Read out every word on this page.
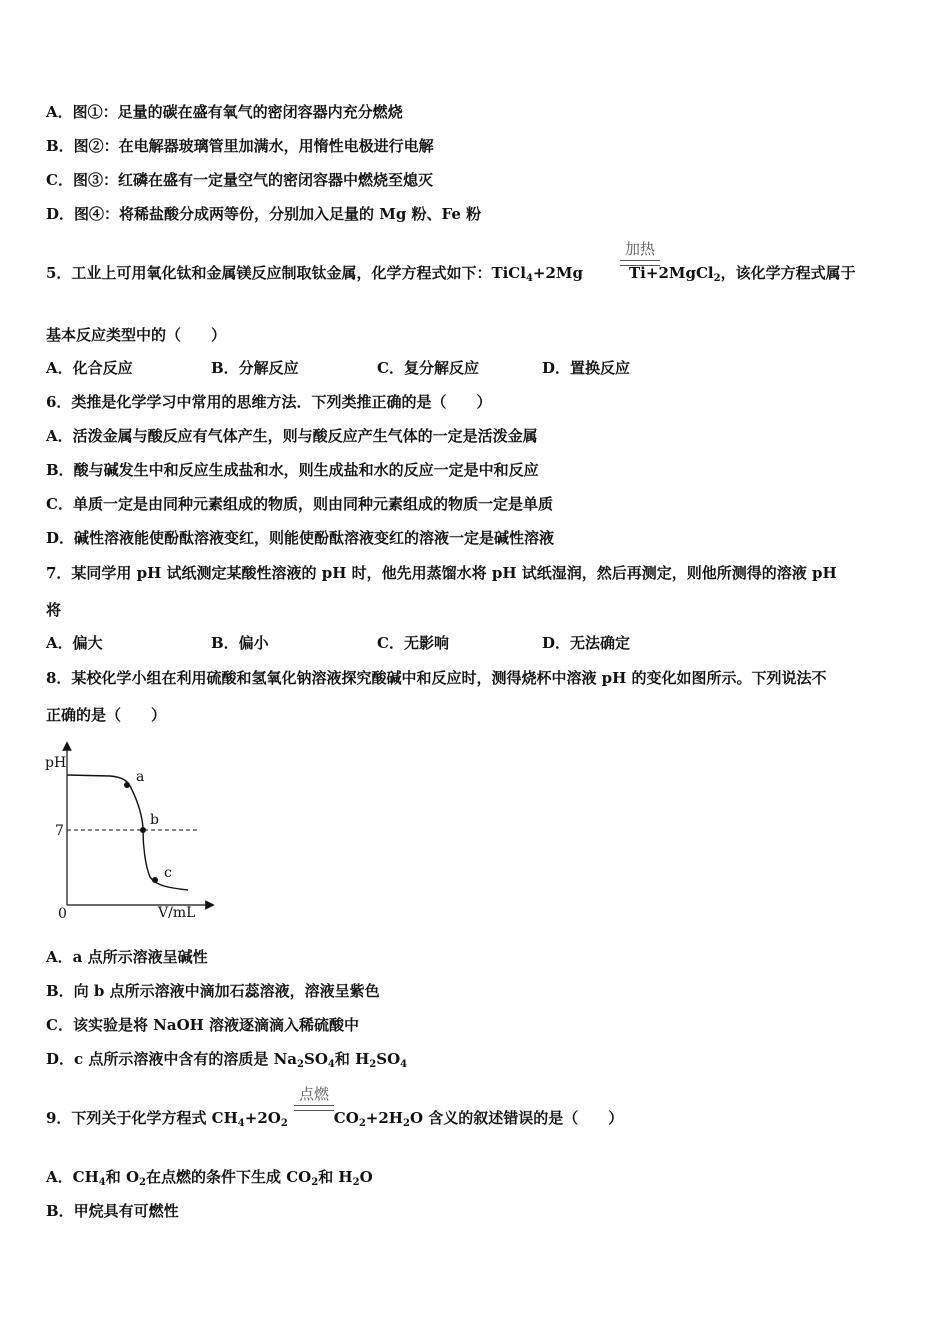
A．图①：足量的碳在盛有氧气的密闭容器内充分燃烧
B．图②：在电解器玻璃管里加满水，用惰性电极进行电解
C．图③：红磷在盛有一定量空气的密闭容器中燃烧至熄灭
D．图④：将稀盐酸分成两等份，分别加入足量的 Mg 粉、Fe 粉
加热
5．工业上可用氧化钛和金属镁反应制取钛金属，化学方程式如下：TiCl$_4$+2Mg	Ti+2MgCl$_2$，该化学方程式属于
基本反应类型中的（　　）
A．化合反应	B．分解反应	C．复分解反应	D．置换反应
6．类推是化学学习中常用的思维方法．下列类推正确的是（　　）
A．活泼金属与酸反应有气体产生，则与酸反应产生气体的一定是活泼金属
B．酸与碱发生中和反应生成盐和水，则生成盐和水的反应一定是中和反应
C．单质一定是由同种元素组成的物质，则由同种元素组成的物质一定是单质
D．碱性溶液能使酚酞溶液变红，则能使酚酞溶液变红的溶液一定是碱性溶液
7．某同学用 pH 试纸测定某酸性溶液的 pH 时，他先用蒸馏水将 pH 试纸湿润，然后再测定，则他所测得的溶液 pH
将
A．偏大	B．偏小	C．无影响	D．无法确定
8．某校化学小组在利用硫酸和氢氧化钠溶液探究酸碱中和反应时，测得烧杯中溶液 pH 的变化如图所示。下列说法不
正确的是（　　）
pH
V/mL
0
7
a
b
c
A．a 点所示溶液呈碱性
B．向 b 点所示溶液中滴加石蕊溶液，溶液呈紫色
C．该实验是将 NaOH 溶液逐滴滴入稀硫酸中
D．c 点所示溶液中含有的溶质是 $Na_2SO_4$和 $H_2SO_4$
点燃
9．下列关于化学方程式 $CH_4+2O_2$	$CO_2+2H_2O$ 含义的叙述错误的是（　　）
A．$CH_4$和 $O_2$在点燃的条件下生成 $CO_2$和 $H_2O$
B．甲烷具有可燃性
